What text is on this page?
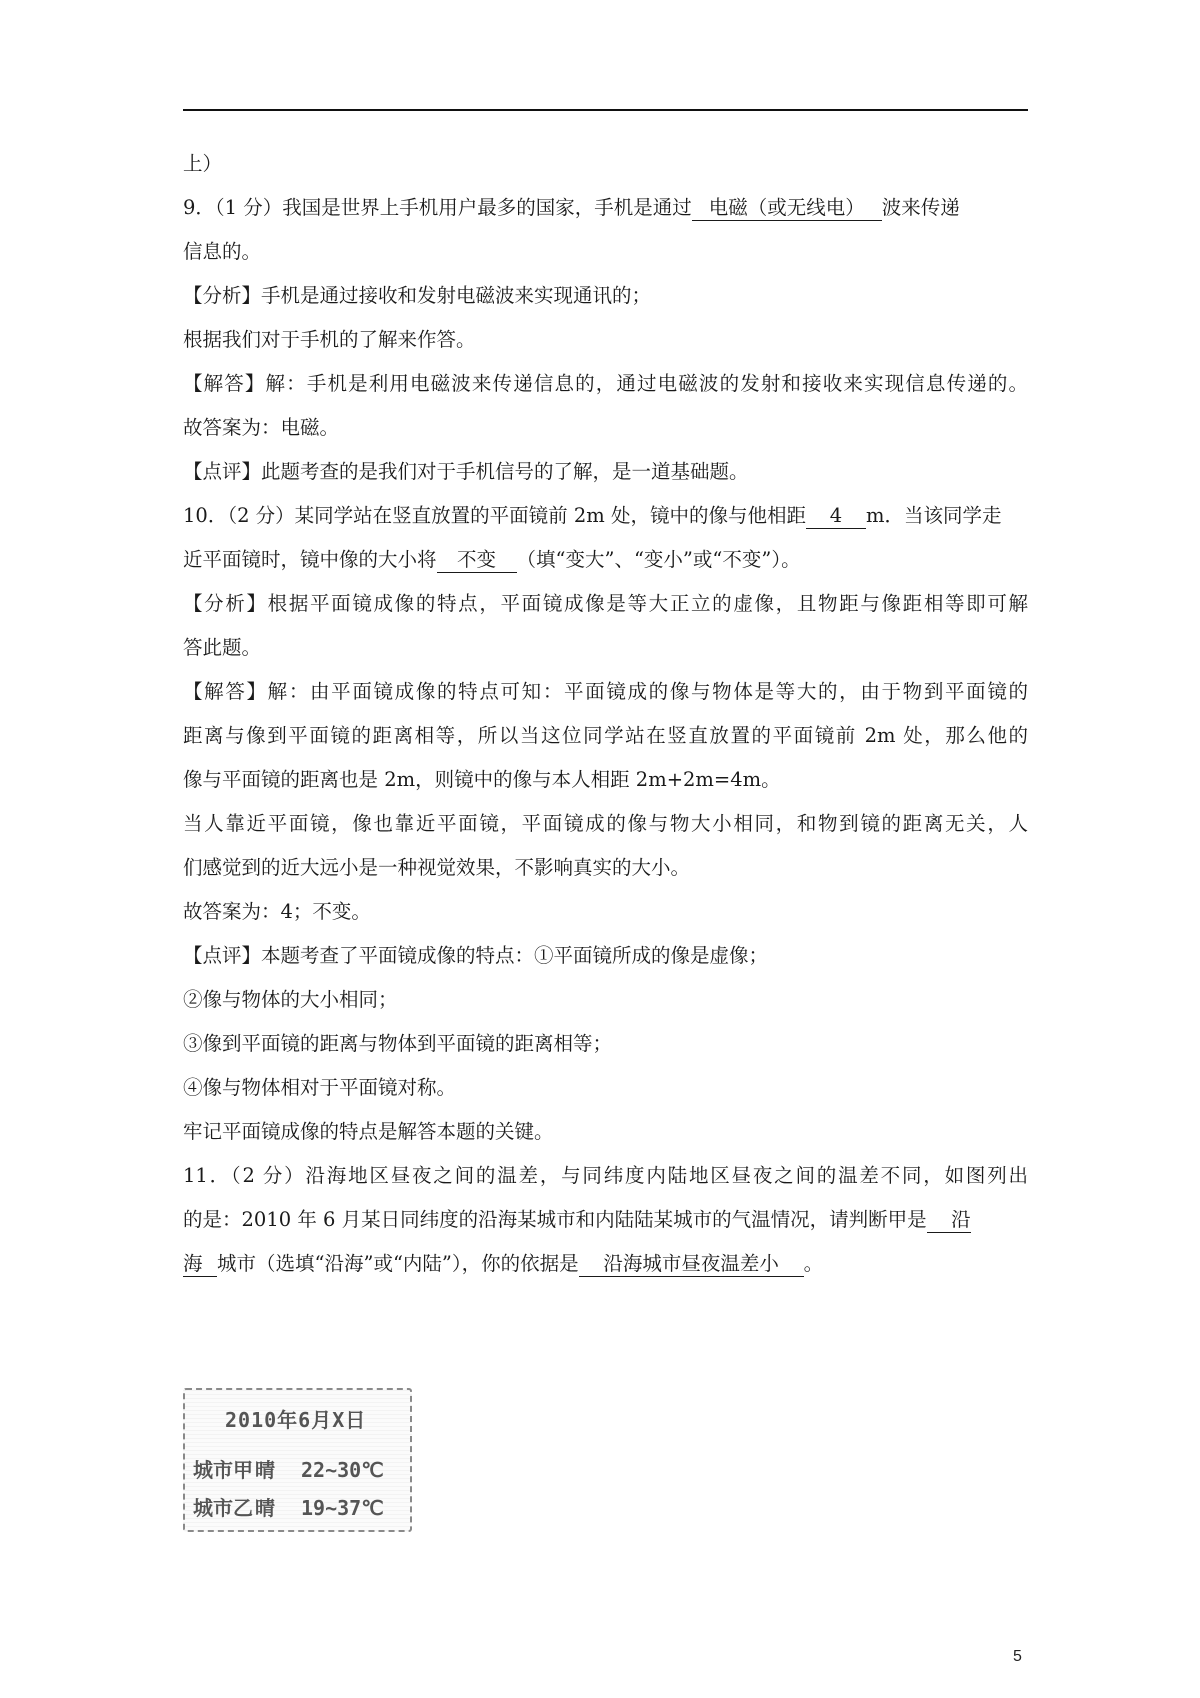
上）
9．（1 分）我国是世界上手机用户最多的国家，手机是通过 电磁（或无线电） 波来传递
信息的。
【分析】手机是通过接收和发射电磁波来实现通讯的；
根据我们对于手机的了解来作答。
【解答】解：手机是利用电磁波来传递信息的，通过电磁波的发射和接收来实现信息传递的。
故答案为：电磁。
【点评】此题考查的是我们对于手机信号的了解，是一道基础题。
10．（2 分）某同学站在竖直放置的平面镜前 2m 处，镜中的像与他相距 4 m．当该同学走
近平面镜时，镜中像的大小将 不变 （填“变大”、“变小”或“不变”）。
【分析】根据平面镜成像的特点，平面镜成像是等大正立的虚像，且物距与像距相等即可解
答此题。
【解答】解：由平面镜成像的特点可知：平面镜成的像与物体是等大的，由于物到平面镜的
距离与像到平面镜的距离相等，所以当这位同学站在竖直放置的平面镜前 2m 处，那么他的
像与平面镜的距离也是 2m，则镜中的像与本人相距 2m+2m=4m。
当人靠近平面镜，像也靠近平面镜，平面镜成的像与物大小相同，和物到镜的距离无关，人
们感觉到的近大远小是一种视觉效果，不影响真实的大小。
故答案为：4；不变。
【点评】本题考查了平面镜成像的特点：①平面镜所成的像是虚像；
②像与物体的大小相同；
③像到平面镜的距离与物体到平面镜的距离相等；
④像与物体相对于平面镜对称。
牢记平面镜成像的特点是解答本题的关键。
11．（2 分）沿海地区昼夜之间的温差，与同纬度内陆地区昼夜之间的温差不同，如图列出
的是：2010 年 6 月某日同纬度的沿海某城市和内陆陆某城市的气温情况，请判断甲是 沿
海 城市（选填“沿海”或“内陆”），你的依据是 沿海城市昼夜温差小 。
2010年6月X日
城市甲 晴 22~30℃
城市乙 晴 19~37℃
5
